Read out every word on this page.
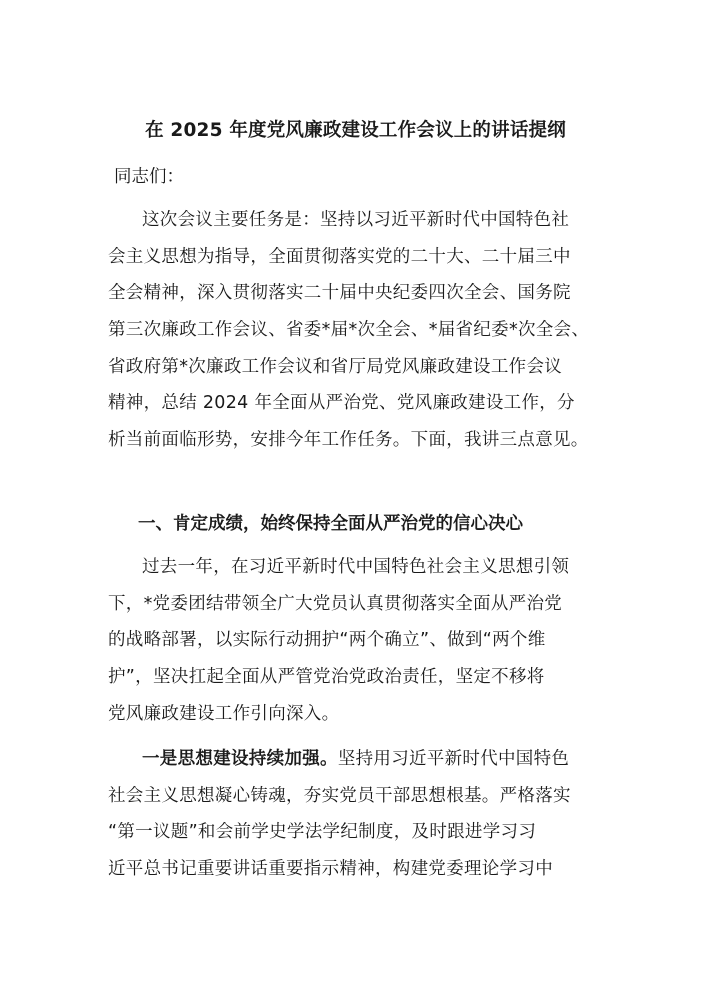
在 2025 年度党风廉政建设工作会议上的讲话提纲
同志们：
这次会议主要任务是：坚持以习近平新时代中国特色社
会主义思想为指导，全面贯彻落实党的二十大、二十届三中
全会精神，深入贯彻落实二十届中央纪委四次全会、国务院
第三次廉政工作会议、省委*届*次全会、*届省纪委*次全会、
省政府第*次廉政工作会议和省厅局党风廉政建设工作会议
精神，总结 2024 年全面从严治党、党风廉政建设工作，分
析当前面临形势，安排今年工作任务。下面，我讲三点意见。
一、肯定成绩，始终保持全面从严治党的信心决心
过去一年，在习近平新时代中国特色社会主义思想引领
下，*党委团结带领全广大党员认真贯彻落实全面从严治党
的战略部署，以实际行动拥护“两个确立”、做到“两个维
护”，坚决扛起全面从严管党治党政治责任，坚定不移将
党风廉政建设工作引向深入。
一是思想建设持续加强。坚持用习近平新时代中国特色
社会主义思想凝心铸魂，夯实党员干部思想根基。严格落实
“第一议题”和会前学史学法学纪制度，及时跟进学习习
近平总书记重要讲话重要指示精神，构建党委理论学习中
